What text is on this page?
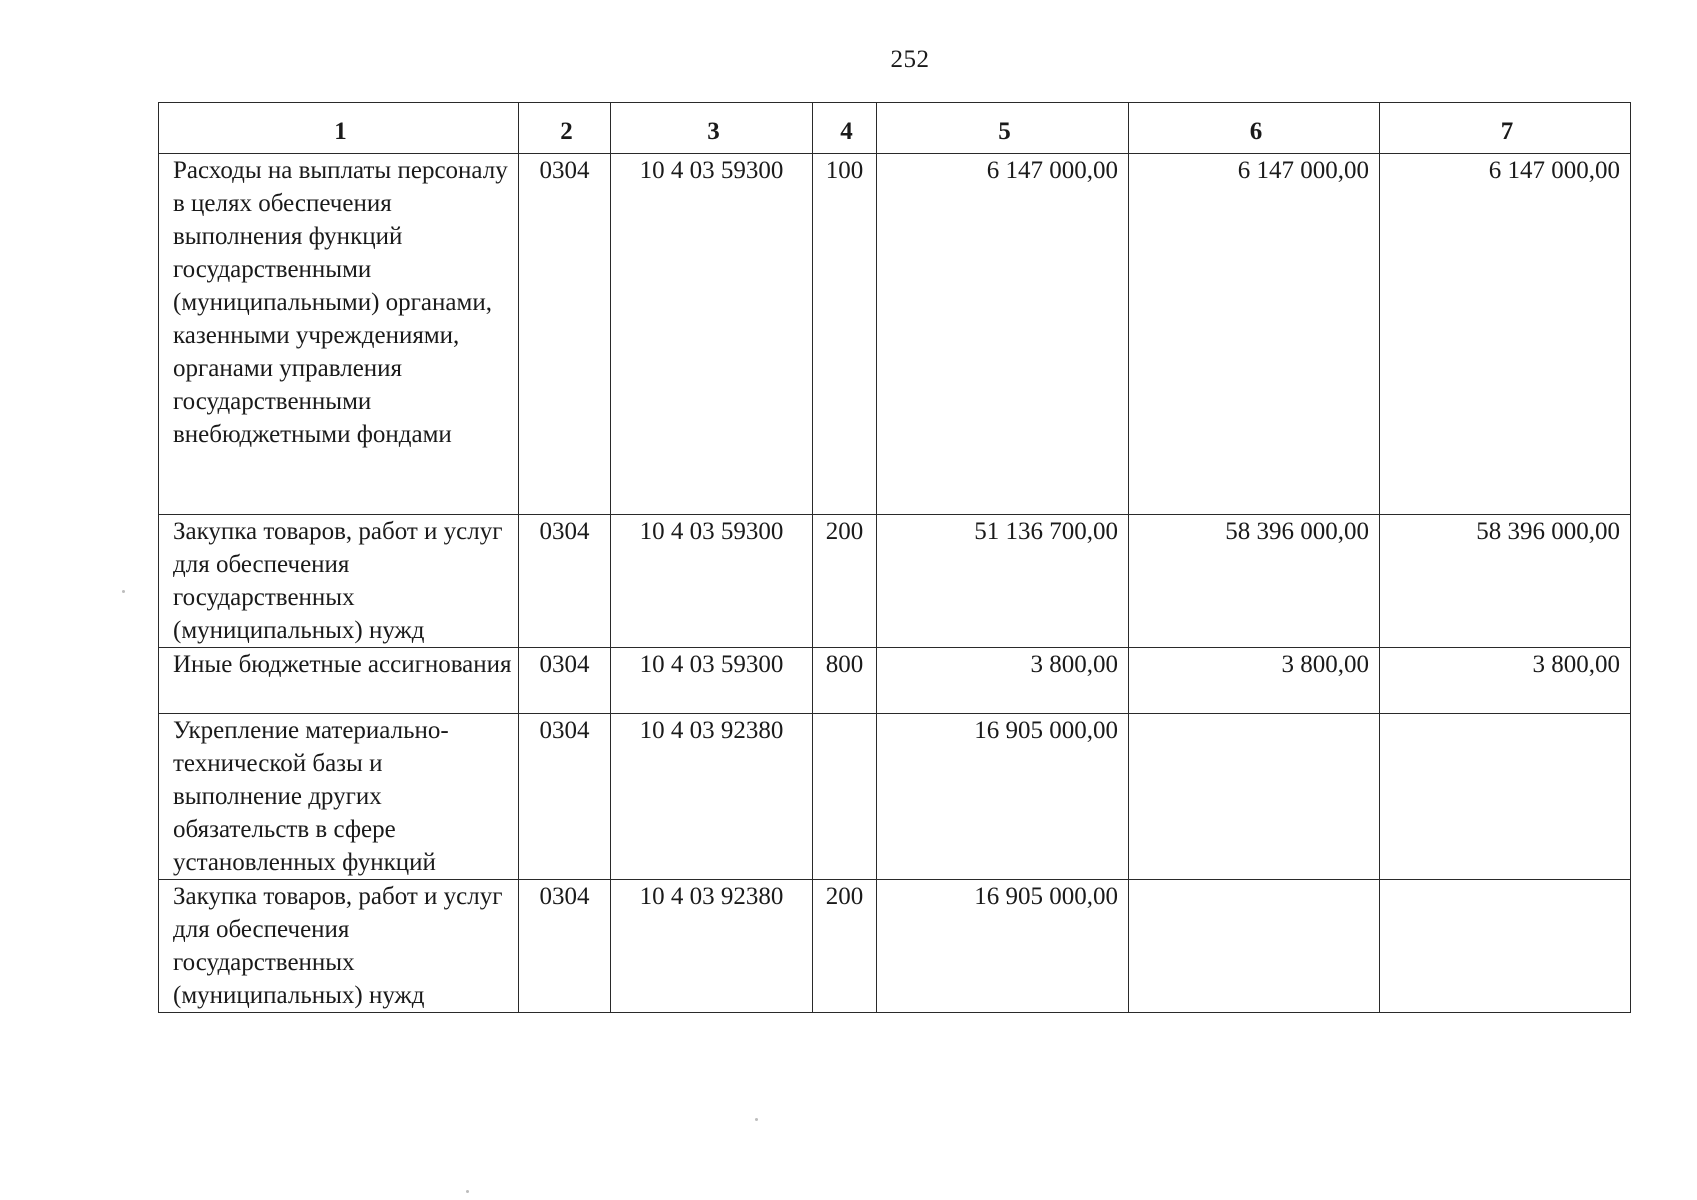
252
1	2	3	4	5	6	7
Расходы на выплаты персоналу в целях обеспечения выполнения функций государственными (муниципальными) органами, казенными учреждениями, органами управления государственными внебюджетными фондами	0304	10 4 03 59300	100	6 147 000,00	6 147 000,00	6 147 000,00
Закупка товаров, работ и услуг для обеспечения государственных (муниципальных) нужд	0304	10 4 03 59300	200	51 136 700,00	58 396 000,00	58 396 000,00
Иные бюджетные ассигнования	0304	10 4 03 59300	800	3 800,00	3 800,00	3 800,00
Укрепление материально-технической базы и выполнение других обязательств в сфере установленных функций	0304	10 4 03 92380		16 905 000,00		
Закупка товаров, работ и услуг для обеспечения государственных (муниципальных) нужд	0304	10 4 03 92380	200	16 905 000,00		
